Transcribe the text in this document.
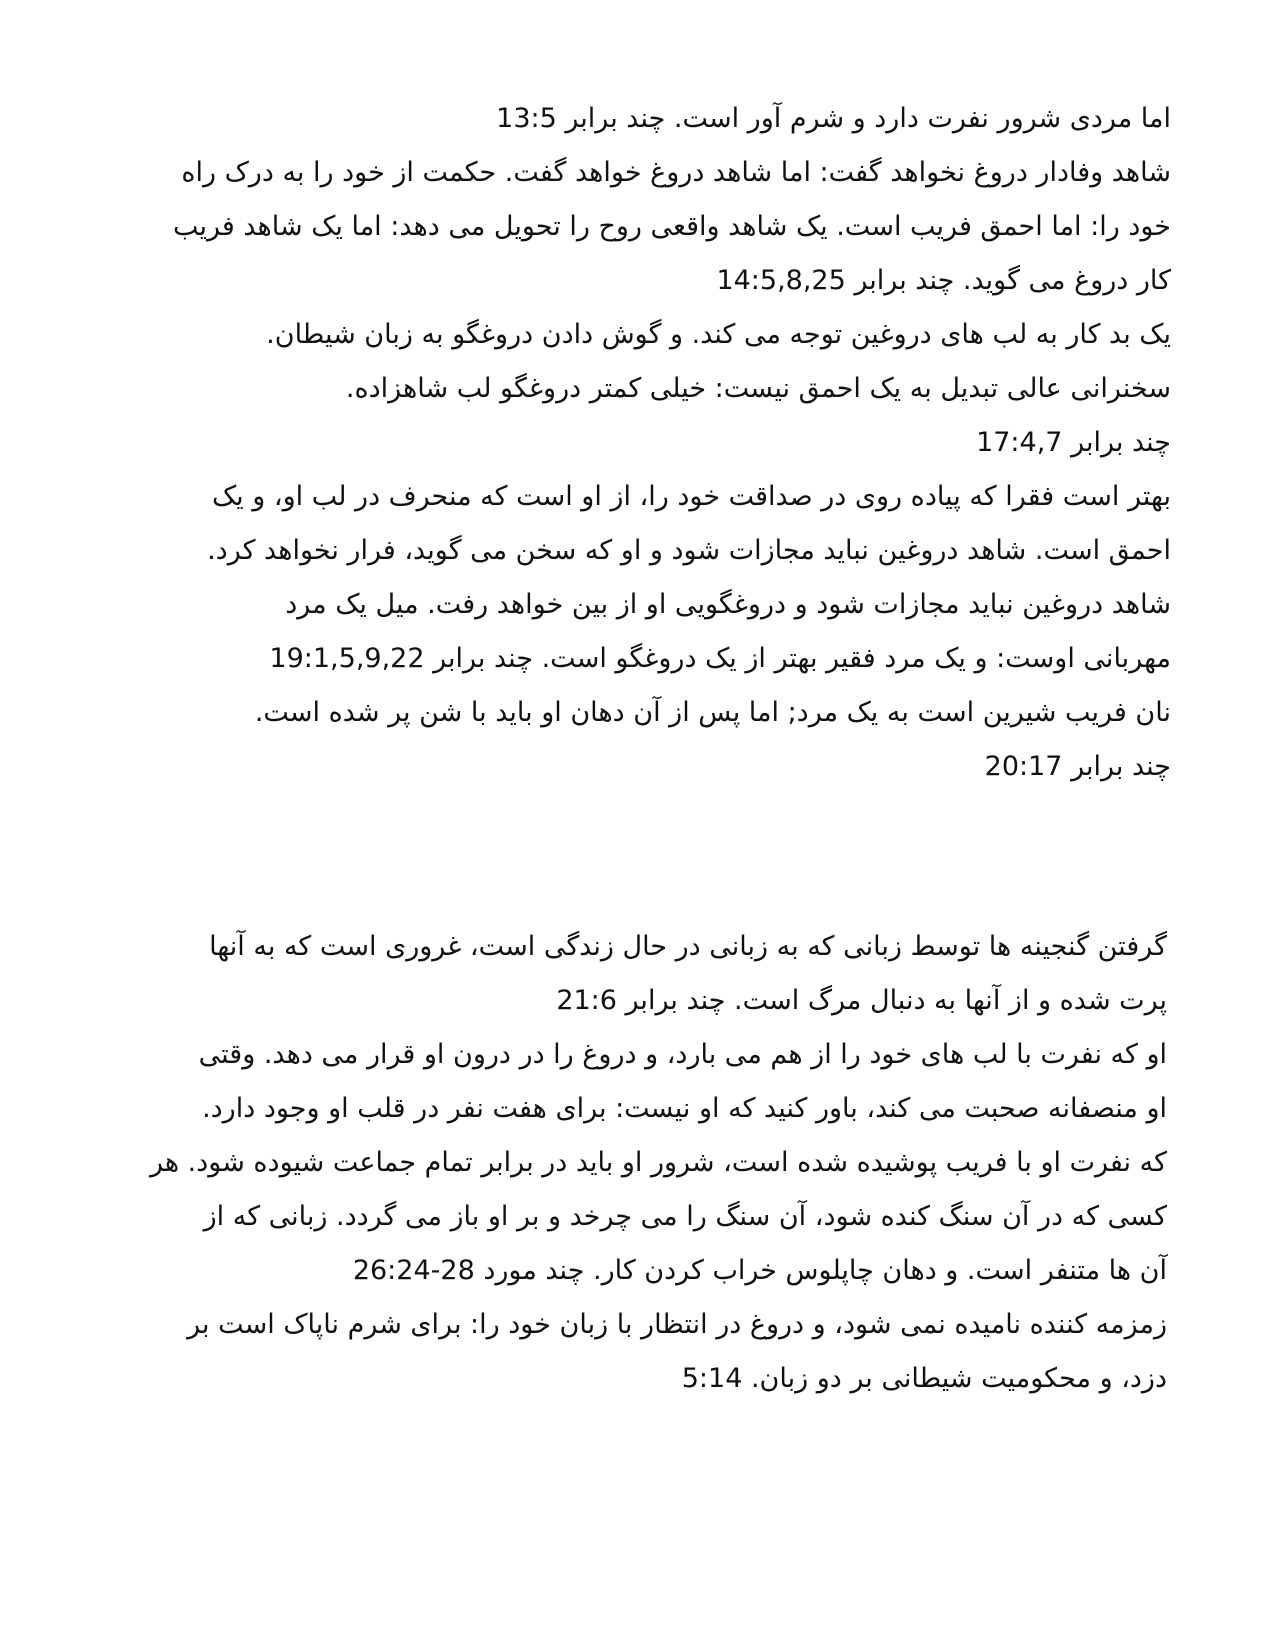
اما مردی شرور نفرت دارد و شرم آور است. چند برابر 13:5
شاهد وفادار دروغ نخواهد گفت: اما شاهد دروغ خواهد گفت. حکمت از خود را به درک راه
خود را: اما احمق فریب است. یک شاهد واقعی روح را تحویل می دهد: اما یک شاهد فریب
کار دروغ می گوید. چند برابر 14:5,8,25
یک بد کار به لب های دروغین توجه می کند. و گوش دادن دروغگو به زبان شیطان.
سخنرانی عالی تبدیل به یک احمق نیست: خیلی کمتر دروغگو لب شاهزاده.
چند برابر 17:4,7
بهتر است فقرا که پیاده روی در صداقت خود را، از او است که منحرف در لب او، و یک
احمق است. شاهد دروغین نباید مجازات شود و او که سخن می گوید، فرار نخواهد کرد.
شاهد دروغین نباید مجازات شود و دروغگویی او از بین خواهد رفت. میل یک مرد
مهربانی اوست: و یک مرد فقیر بهتر از یک دروغگو است. چند برابر 19:1,5,9,22
نان فریب شیرین است به یک مرد; اما پس از آن دهان او باید با شن پر شده است.
چند برابر 20:17
گرفتن گنجینه ها توسط زبانی که به زبانی در حال زندگی است، غروری است که به آنها
پرت شده و از آنها به دنبال مرگ است. چند برابر 21:6
او که نفرت با لب های خود را از هم می بارد، و دروغ را در درون او قرار می دهد. وقتی
او منصفانه صحبت می کند، باور کنید که او نیست: برای هفت نفر در قلب او وجود دارد.
که نفرت او با فریب پوشیده شده است، شرور او باید در برابر تمام جماعت شیوده شود. هر
کسی که در آن سنگ کنده شود، آن سنگ را می چرخد و بر او باز می گردد. زبانی که از
آن ها متنفر است. و دهان چاپلوس خراب کردن کار. چند مورد 28-26:24
زمزمه کننده نامیده نمی شود، و دروغ در انتظار با زبان خود را: برای شرم ناپاک است بر
دزد، و محکومیت شیطانی بر دو زبان. 5:14
